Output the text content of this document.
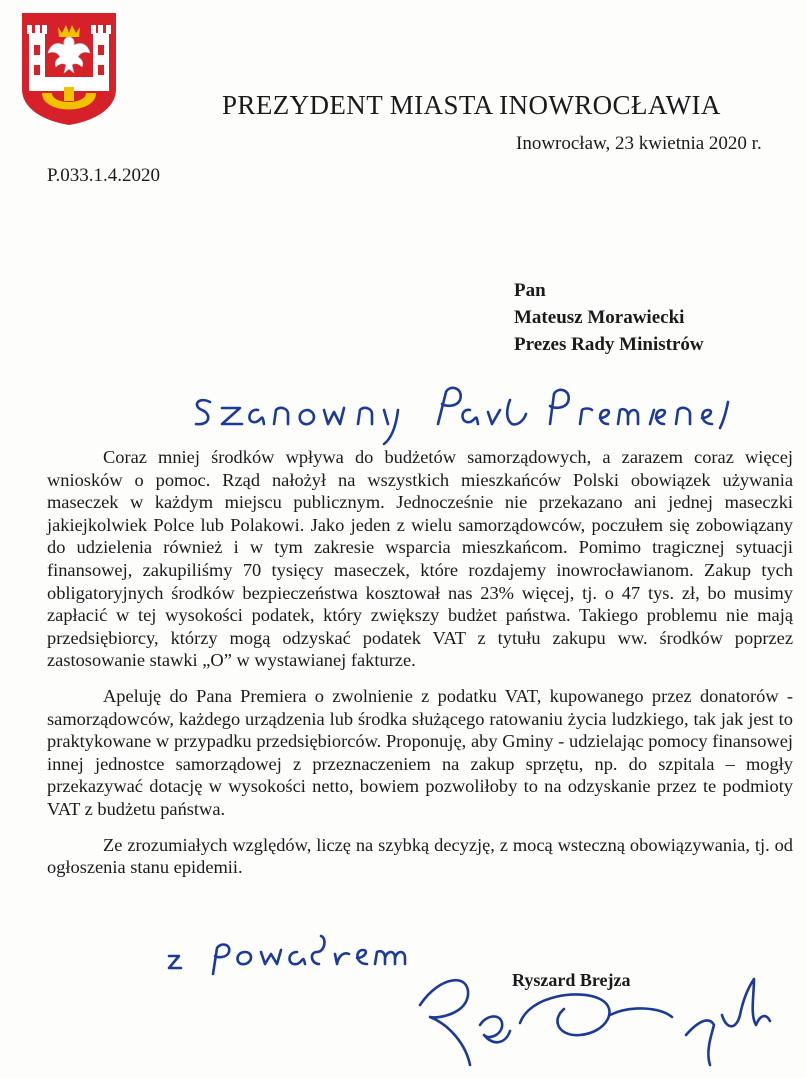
PREZYDENT MIASTA INOWROCŁAWIA
Inowrocław, 23 kwietnia 2020 r.
P.033.1.4.2020
Pan
Mateusz Morawiecki
Prezes Rady Ministrów

Coraz mniej środków wpływa do budżetów samorządowych, a zarazem coraz więcej wniosków o pomoc. Rząd nałożył na wszystkich mieszkańców Polski obowiązek używania maseczek w każdym miejscu publicznym. Jednocześnie nie przekazano ani jednej maseczki jakiejkolwiek Polce lub Polakowi. Jako jeden z wielu samorządowców, poczułem się zobowiązany do udzielenia również i w tym zakresie wsparcia mieszkańcom. Pomimo tragicznej sytuacji finansowej, zakupiliśmy 70 tysięcy maseczek, które rozdajemy inowrocławianom. Zakup tych obligatoryjnych środków bezpieczeństwa kosztował nas 23% więcej, tj. o 47 tys. zł, bo musimy zapłacić w tej wysokości podatek, który zwiększy budżet państwa. Takiego problemu nie mają przedsiębiorcy, którzy mogą odzyskać podatek VAT z tytułu zakupu ww. środków poprzez zastosowanie stawki „O” w wystawianej fakturze.

Apeluję do Pana Premiera o zwolnienie z podatku VAT, kupowanego przez donatorów - samorządowców, każdego urządzenia lub środka służącego ratowaniu życia ludzkiego, tak jak jest to praktykowane w przypadku przedsiębiorców. Proponuję, aby Gminy - udzielając pomocy finansowej innej jednostce samorządowej z przeznaczeniem na zakup sprzętu, np. do szpitala – mogły przekazywać dotację w wysokości netto, bowiem pozwoliłoby to na odzyskanie przez te podmioty VAT z budżetu państwa.

Ze zrozumiałych względów, liczę na szybką decyzję, z mocą wsteczną obowiązywania, tj. od ogłoszenia stanu epidemii.

Ryszard Brejza
